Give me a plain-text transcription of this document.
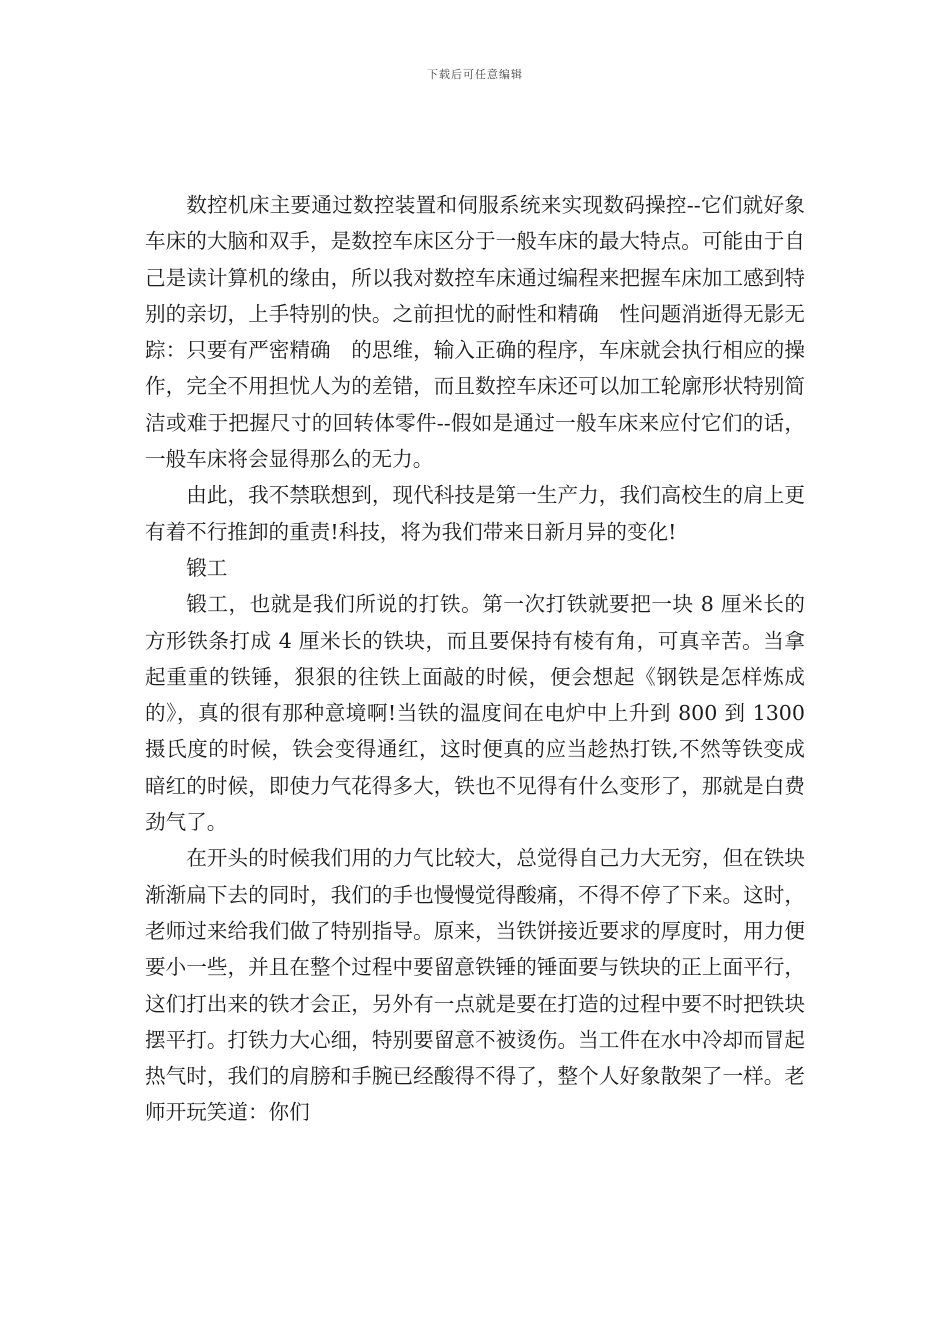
下载后可任意编辑

数控机床主要通过数控装置和伺服系统来实现数码操控--它们就好象车床的大脑和双手，是数控车床区分于一般车床的最大特点。可能由于自己是读计算机的缘由，所以我对数控车床通过编程来把握车床加工感到特别的亲切，上手特别的快。之前担忧的耐性和精确　性问题消逝得无影无踪：只要有严密精确　的思维，输入正确的程序，车床就会执行相应的操作，完全不用担忧人为的差错，而且数控车床还可以加工轮廓形状特别简洁或难于把握尺寸的回转体零件--假如是通过一般车床来应付它们的话，一般车床将会显得那么的无力。

由此，我不禁联想到，现代科技是第一生产力，我们高校生的肩上更有着不行推卸的重责!科技，将为我们带来日新月异的变化!

锻工

锻工，也就是我们所说的打铁。第一次打铁就要把一块 8 厘米长的方形铁条打成 4 厘米长的铁块，而且要保持有棱有角，可真辛苦。当拿起重重的铁锤，狠狠的往铁上面敲的时候，便会想起《钢铁是怎样炼成的》，真的很有那种意境啊!当铁的温度间在电炉中上升到 800 到 1300 摄氏度的时候，铁会变得通红，这时便真的应当趁热打铁,不然等铁变成暗红的时候，即使力气花得多大，铁也不见得有什么变形了，那就是白费劲气了。

在开头的时候我们用的力气比较大，总觉得自己力大无穷，但在铁块渐渐扁下去的同时，我们的手也慢慢觉得酸痛，不得不停了下来。这时，老师过来给我们做了特别指导。原来，当铁饼接近要求的厚度时，用力便要小一些，并且在整个过程中要留意铁锤的锤面要与铁块的正上面平行，这们打出来的铁才会正，另外有一点就是要在打造的过程中要不时把铁块摆平打。打铁力大心细，特别要留意不被烫伤。当工件在水中冷却而冒起热气时，我们的肩膀和手腕已经酸得不得了，整个人好象散架了一样。老师开玩笑道：你们
